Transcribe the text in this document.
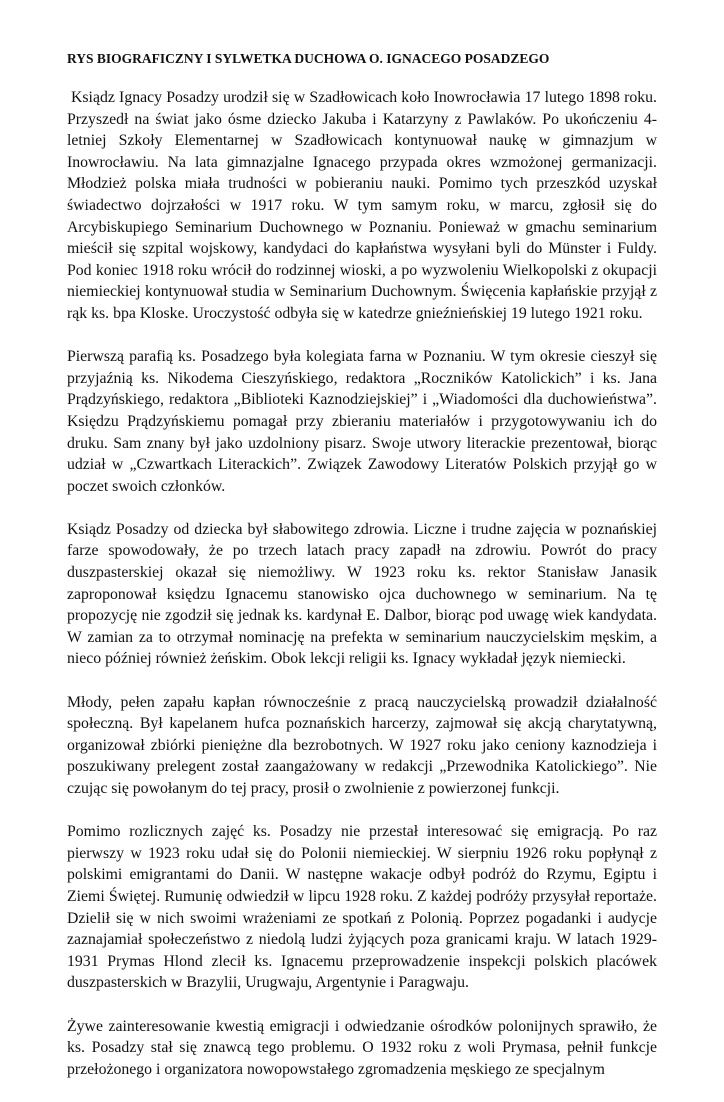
RYS BIOGRAFICZNY I SYLWETKA DUCHOWA O. IGNACEGO POSADZEGO

Ksiądz Ignacy Posadzy urodził się w Szadłowicach koło Inowrocławia 17 lutego 1898 roku. Przyszedł na świat jako ósme dziecko Jakuba i Katarzyny z Pawlaków. Po ukończeniu 4-letniej Szkoły Elementarnej w Szadłowicach kontynuował naukę w gimnazjum w Inowrocławiu. Na lata gimnazjalne Ignacego przypada okres wzmożonej germanizacji. Młodzież polska miała trudności w pobieraniu nauki. Pomimo tych przeszkód uzyskał świadectwo dojrzałości w 1917 roku. W tym samym roku, w marcu, zgłosił się do Arcybiskupiego Seminarium Duchownego w Poznaniu. Ponieważ w gmachu seminarium mieścił się szpital wojskowy, kandydaci do kapłaństwa wysyłani byli do Münster i Fuldy. Pod koniec 1918 roku wrócił do rodzinnej wioski, a po wyzwoleniu Wielkopolski z okupacji niemieckiej kontynuował studia w Seminarium Duchownym. Święcenia kapłańskie przyjął z rąk ks. bpa Kloske. Uroczystość odbyła się w katedrze gnieźnieńskiej 19 lutego 1921 roku.

Pierwszą parafią ks. Posadzego była kolegiata farna w Poznaniu. W tym okresie cieszył się przyjaźnią ks. Nikodema Cieszyńskiego, redaktora „Roczników Katolickich” i ks. Jana Prądzyńskiego, redaktora „Biblioteki Kaznodziejskiej” i „Wiadomości dla duchowieństwa”. Księdzu Prądzyńskiemu pomagał przy zbieraniu materiałów i przygotowywaniu ich do druku. Sam znany był jako uzdolniony pisarz. Swoje utwory literackie prezentował, biorąc udział w „Czwartkach Literackich”. Związek Zawodowy Literatów Polskich przyjął go w poczet swoich członków.

Ksiądz Posadzy od dziecka był słabowitego zdrowia. Liczne i trudne zajęcia w poznańskiej farze spowodowały, że po trzech latach pracy zapadł na zdrowiu. Powrót do pracy duszpasterskiej okazał się niemożliwy. W 1923 roku ks. rektor Stanisław Janasik zaproponował księdzu Ignacemu stanowisko ojca duchownego w seminarium. Na tę propozycję nie zgodził się jednak ks. kardynał E. Dalbor, biorąc pod uwagę wiek kandydata. W zamian za to otrzymał nominację na prefekta w seminarium nauczycielskim męskim, a nieco później również żeńskim. Obok lekcji religii ks. Ignacy wykładał język niemiecki.

Młody, pełen zapału kapłan równocześnie z pracą nauczycielską prowadził działalność społeczną. Był kapelanem hufca poznańskich harcerzy, zajmował się akcją charytatywną, organizował zbiórki pieniężne dla bezrobotnych. W 1927 roku jako ceniony kaznodzieja i poszukiwany prelegent został zaangażowany w redakcji „Przewodnika Katolickiego”. Nie czując się powołanym do tej pracy, prosił o zwolnienie z powierzonej funkcji.

Pomimo rozlicznych zajęć ks. Posadzy nie przestał interesować się emigracją. Po raz pierwszy w 1923 roku udał się do Polonii niemieckiej. W sierpniu 1926 roku popłynął z polskimi emigrantami do Danii. W następne wakacje odbył podróż do Rzymu, Egiptu i Ziemi Świętej. Rumunię odwiedził w lipcu 1928 roku. Z każdej podróży przysyłał reportaże. Dzielił się w nich swoimi wrażeniami ze spotkań z Polonią. Poprzez pogadanki i audycje zaznajamiał społeczeństwo z niedolą ludzi żyjących poza granicami kraju. W latach 1929-1931 Prymas Hlond zlecił ks. Ignacemu przeprowadzenie inspekcji polskich placówek duszpasterskich w Brazylii, Urugwaju, Argentynie i Paragwaju.

Żywe zainteresowanie kwestią emigracji i odwiedzanie ośrodków polonijnych sprawiło, że ks. Posadzy stał się znawcą tego problemu. O 1932 roku z woli Prymasa, pełnił funkcje przełożonego i organizatora nowopowstałego zgromadzenia męskiego ze specjalnym
